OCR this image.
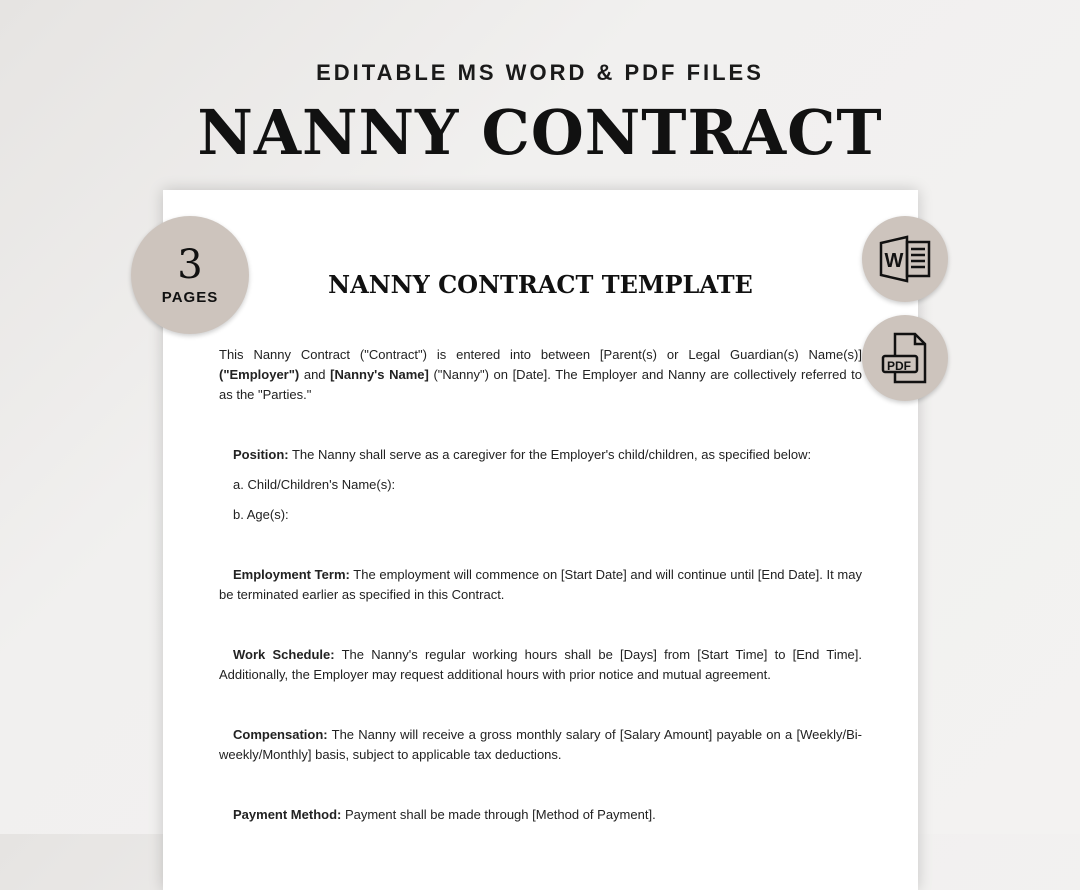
EDITABLE MS WORD & PDF FILES
NANNY CONTRACT
NANNY CONTRACT TEMPLATE

This Nanny Contract ("Contract") is entered into between [Parent(s) or Legal Guardian(s) Name(s)] ("Employer") and [Nanny's Name] ("Nanny") on [Date]. The Employer and Nanny are collectively referred to as the "Parties."

Position: The Nanny shall serve as a caregiver for the Employer's child/children, as specified below:

a. Child/Children's Name(s):

b. Age(s):

Employment Term: The employment will commence on [Start Date] and will continue until [End Date]. It may be terminated earlier as specified in this Contract.

Work Schedule: The Nanny's regular working hours shall be [Days] from [Start Time] to [End Time]. Additionally, the Employer may request additional hours with prior notice and mutual agreement.

Compensation: The Nanny will receive a gross monthly salary of [Salary Amount] payable on a [Weekly/Bi-weekly/Monthly] basis, subject to applicable tax deductions.

Payment Method: Payment shall be made through [Method of Payment].

3
PAGES
W
PDF
